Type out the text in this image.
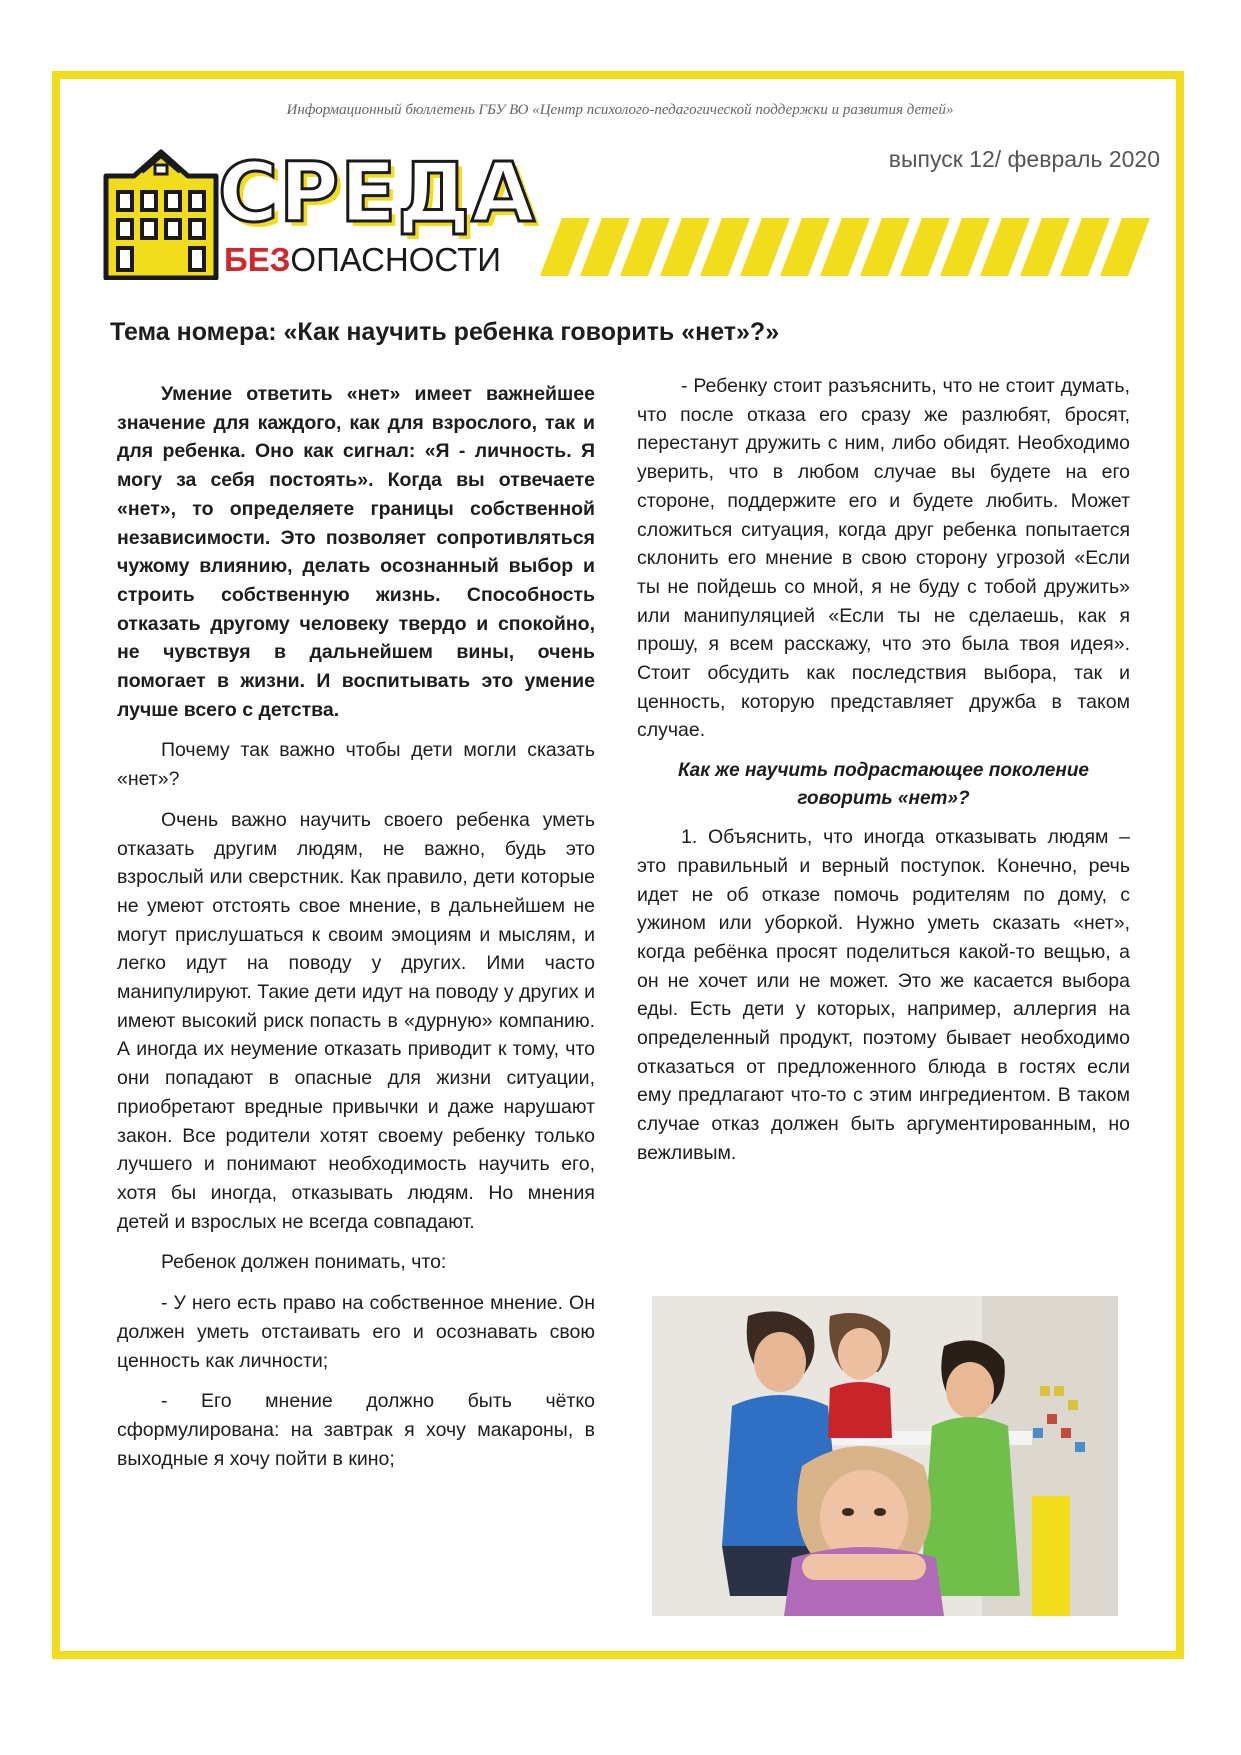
Информационный бюллетень ГБУ ВО «Центр психолого-педагогической поддержки и развития детей»
выпуск 12/ февраль 2020
СРЕДА
БЕЗОПАСНОСТИ
Тема номера: «Как научить ребенка говорить «нет»?»

Умение ответить «нет» имеет важнейшее значение для каждого, как для взрослого, так и для ребенка. Оно как сигнал: «Я - личность. Я могу за себя постоять». Когда вы отвечаете «нет», то определяете границы собственной независимости. Это позволяет сопротивляться чужому влиянию, делать осознанный выбор и строить собственную жизнь. Способность отказать другому человеку твердо и спокойно, не чувствуя в дальнейшем вины, очень помогает в жизни. И воспитывать это умение лучше всего с детства.

Почему так важно чтобы дети могли сказать «нет»?

Очень важно научить своего ребенка уметь отказать другим людям, не важно, будь это взрослый или сверстник. Как правило, дети которые не умеют отстоять свое мнение, в дальнейшем не могут прислушаться к своим эмоциям и мыслям, и легко идут на поводу у других. Ими часто манипулируют. Такие дети идут на поводу у других и имеют высокий риск попасть в «дурную» компанию. А иногда их неумение отказать приводит к тому, что они попадают в опасные для жизни ситуации, приобретают вредные привычки и даже нарушают закон. Все родители хотят своему ребенку только лучшего и понимают необходимость научить его, хотя бы иногда, отказывать людям. Но мнения детей и взрослых не всегда совпадают.

Ребенок должен понимать, что:

- У него есть право на собственное мнение. Он должен уметь отстаивать его и осознавать свою ценность как личности;

- Его мнение должно быть чётко сформулирована: на завтрак я хочу макароны, в выходные я хочу пойти в кино;

- Ребенку стоит разъяснить, что не стоит думать, что после отказа его сразу же разлюбят, бросят, перестанут дружить с ним, либо обидят. Необходимо уверить, что в любом случае вы будете на его стороне, поддержите его и будете любить. Может сложиться ситуация, когда друг ребенка попытается склонить его мнение в свою сторону угрозой «Если ты не пойдешь со мной, я не буду с тобой дружить» или манипуляцией «Если ты не сделаешь, как я прошу, я всем расскажу, что это была твоя идея». Стоит обсудить как последствия выбора, так и ценность, которую представляет дружба в таком случае.

Как же научить подрастающее поколение говорить «нет»?

1. Объяснить, что иногда отказывать людям – это правильный и верный поступок. Конечно, речь идет не об отказе помочь родителям по дому, с ужином или уборкой. Нужно уметь сказать «нет», когда ребёнка просят поделиться какой-то вещью, а он не хочет или не может. Это же касается выбора еды. Есть дети у которых, например, аллергия на определенный продукт, поэтому бывает необходимо отказаться от предложенного блюда в гостях если ему предлагают что-то с этим ингредиентом. В таком случае отказ должен быть аргументированным, но вежливым.
